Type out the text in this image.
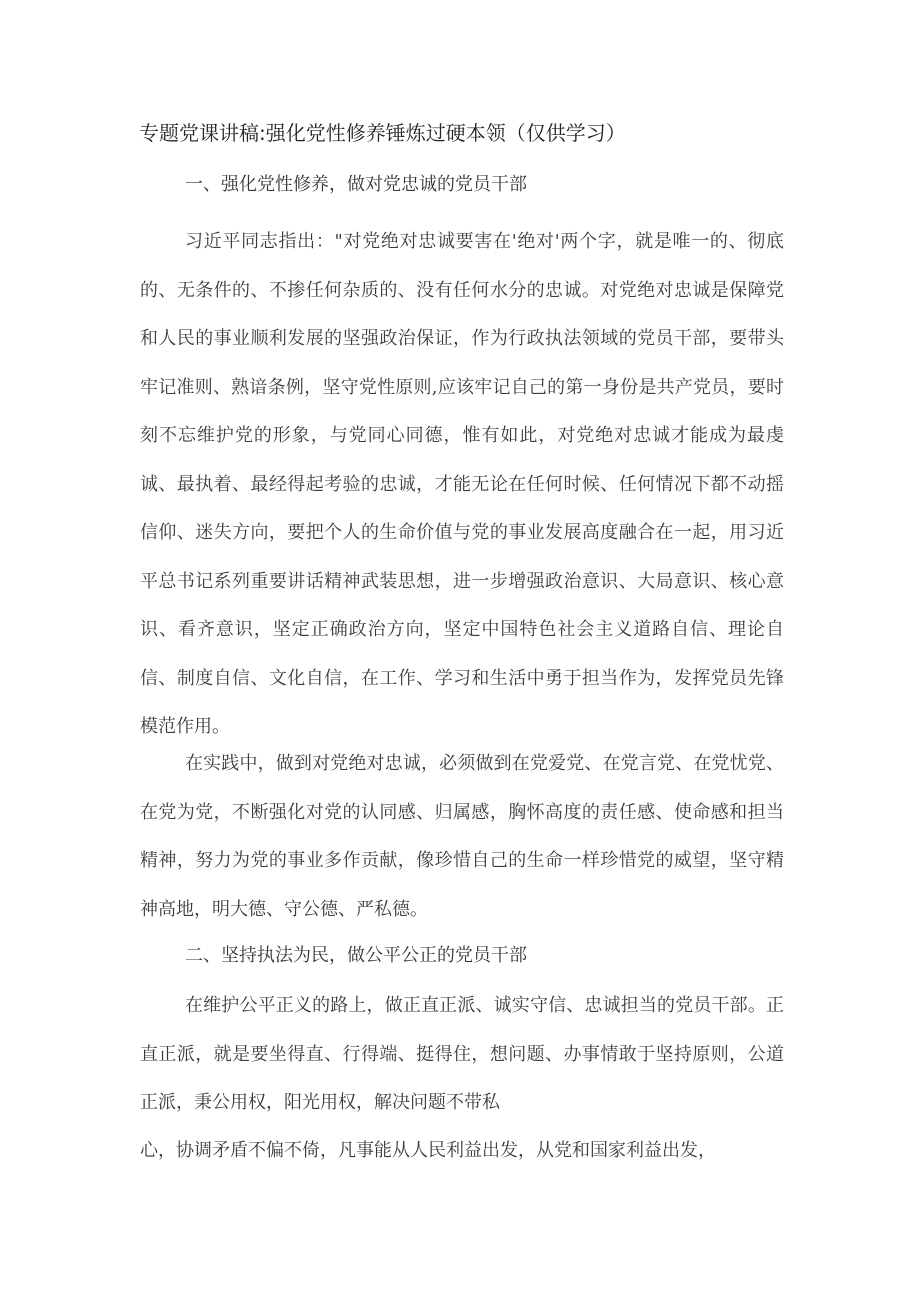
专题党课讲稿:强化党性修养锤炼过硬本领（仅供学习）
一、强化党性修养，做对党忠诚的党员干部

习近平同志指出："对党绝对忠诚要害在'绝对'两个字，就是唯一的、彻底的、无条件的、不掺任何杂质的、没有任何水分的忠诚。对党绝对忠诚是保障党和人民的事业顺利发展的坚强政治保证，作为行政执法领域的党员干部，要带头牢记准则、熟谙条例，坚守党性原则,应该牢记自己的第一身份是共产党员，要时刻不忘维护党的形象，与党同心同德，惟有如此，对党绝对忠诚才能成为最虔诚、最执着、最经得起考验的忠诚，才能无论在任何时候、任何情况下都不动摇信仰、迷失方向，要把个人的生命价值与党的事业发展高度融合在一起，用习近平总书记系列重要讲话精神武装思想，进一步增强政治意识、大局意识、核心意识、看齐意识，坚定正确政治方向，坚定中国特色社会主义道路自信、理论自信、制度自信、文化自信，在工作、学习和生活中勇于担当作为，发挥党员先锋模范作用。

在实践中，做到对党绝对忠诚，必须做到在党爱党、在党言党、在党忧党、在党为党，不断强化对党的认同感、归属感，胸怀高度的责任感、使命感和担当精神，努力为党的事业多作贡献，像珍惜自己的生命一样珍惜党的威望，坚守精神高地，明大德、守公德、严私德。

二、坚持执法为民，做公平公正的党员干部

在维护公平正义的路上，做正直正派、诚实守信、忠诚担当的党员干部。正直正派，就是要坐得直、行得端、挺得住，想问题、办事情敢于坚持原则，公道正派，秉公用权，阳光用权，解决问题不带私

心，协调矛盾不偏不倚，凡事能从人民利益出发，从党和国家利益出发，
